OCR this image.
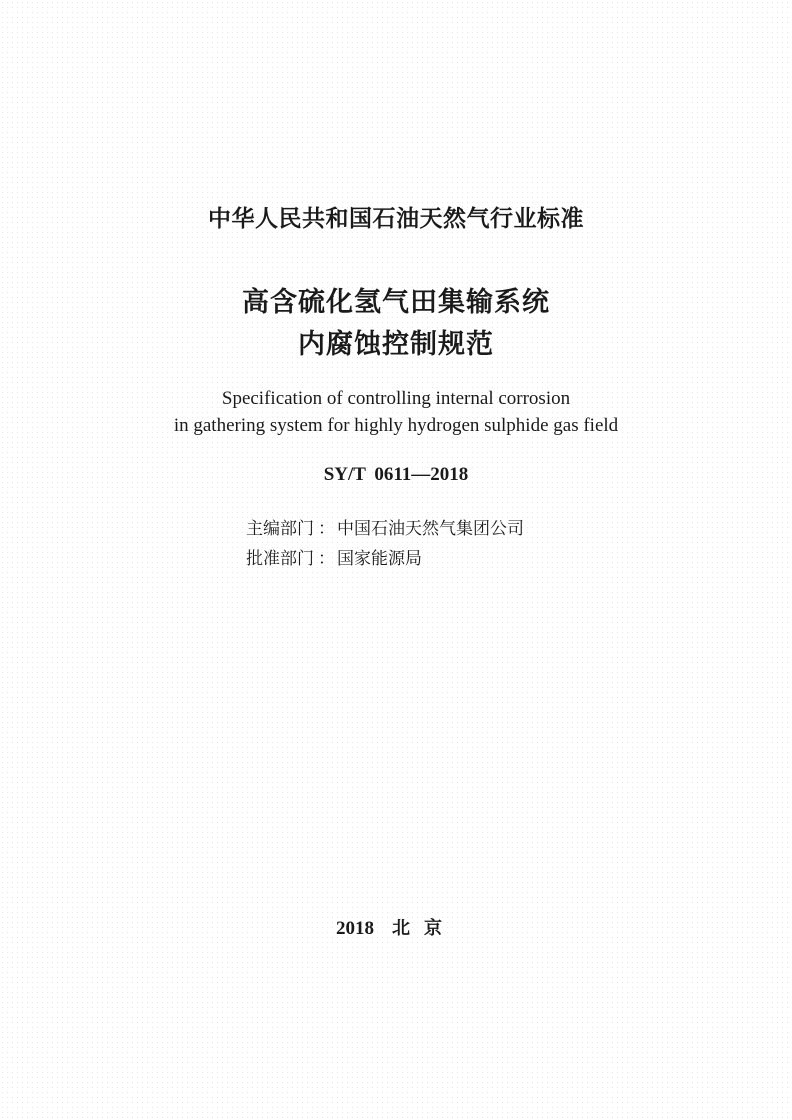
中华人民共和国石油天然气行业标准
高含硫化氢气田集输系统
内腐蚀控制规范
Specification of controlling internal corrosion
in gathering system for highly hydrogen sulphide gas field
SY/T 0611—2018
主编部门 ： 中国石油天然气集团公司
批准部门 ： 国家能源局
2018 北京
